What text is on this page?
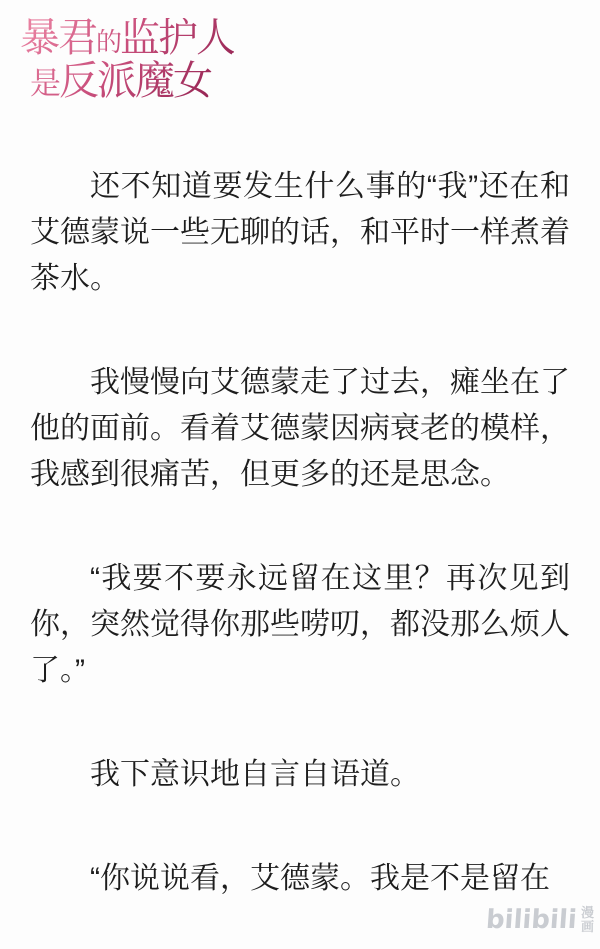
暴君的监护人
是反派魔女

还不知道要发生什么事的“我”还在和艾德蒙说一些无聊的话，和平时一样煮着茶水。

我慢慢向艾德蒙走了过去，瘫坐在了他的面前。看着艾德蒙因病衰老的模样，我感到很痛苦，但更多的还是思念。

“我要不要永远留在这里？再次见到你，突然觉得你那些唠叨，都没那么烦人了。”

我下意识地自言自语道。

“你说说看，艾德蒙。我是不是留在

bilibili 漫
画
